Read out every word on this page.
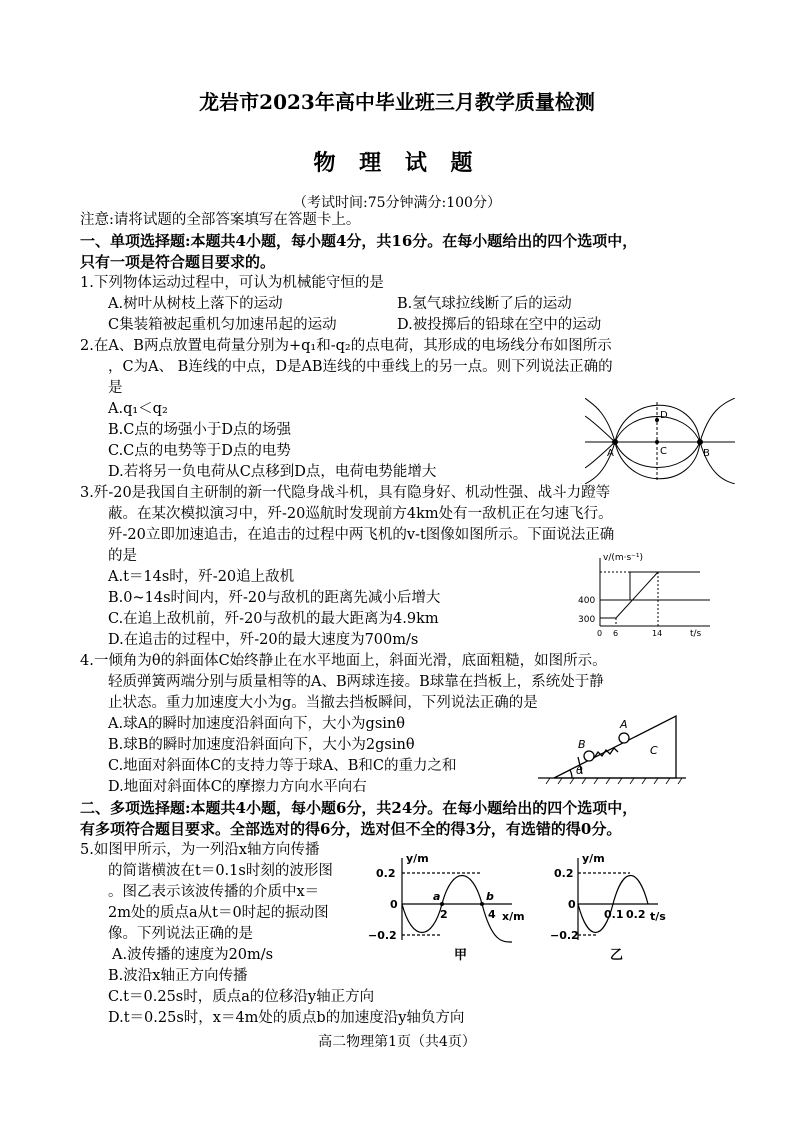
龙岩市2023年高中毕业班三月教学质量检测
物 理 试 题
（考试时间:75分钟满分:100分）
注意:请将试题的全部答案填写在答题卡上。
一、单项选择题:本题共4小题，每小题4分，共16分。在每小题给出的四个选项中，
只有一项是符合题目要求的。
1.下列物体运动过程中，可认为机械能守恒的是
A.树叶从树枝上落下的运动	B.氢气球拉线断了后的运动
C集装箱被起重机匀加速吊起的运动	D.被投掷后的铅球在空中的运动
2.在A、B两点放置电荷量分别为+q₁和-q₂的点电荷，其形成的电场线分布如图所示
，C为A、 B连线的中点，D是AB连线的中垂线上的另一点。则下列说法正确的
是
A.q₁＜q₂
B.C点的场强小于D点的场强
C.C点的电势等于D点的电势
D.若将另一负电荷从C点移到D点，电荷电势能增大
A	B
C
D
3.歼-20是我国自主研制的新一代隐身战斗机，具有隐身好、机动性强、战斗力蹬等
蔽。在某次模拟演习中，歼-20巡航时发现前方4km处有一敌机正在匀速飞行。
歼-20立即加速追击，在追击的过程中两飞机的v-t图像如图所示。下面说法正确
的是
A.t＝14s时，歼-20追上敌机
B.0~14s时间内，歼-20与敌机的距离先减小后增大
C.在追上敌机前，歼-20与敌机的最大距离为4.9km
D.在追击的过程中，歼-20的最大速度为700m/s
v/(m·s⁻¹)
t/s
400
300
0 6	14
4.一倾角为θ的斜面体C始终静止在水平地面上，斜面光滑，底面粗糙，如图所示。
轻质弹簧两端分别与质量相等的A、B两球连接。B球靠在挡板上，系统处于静
止状态。重力加速度大小为g。当撤去挡板瞬间，下列说法正确的是
A.球A的瞬时加速度沿斜面向下，大小为gsinθ
B.球B的瞬时加速度沿斜面向下，大小为2gsinθ
C.地面对斜面体C的支持力等于球A、B和C的重力之和
D.地面对斜面体C的摩擦力方向水平向右
B
A
C
θ
二、多项选择题:本题共4小题，每小题6分，共24分。在每小题给出的四个选项中，
有多项符合题目要求。全部选对的得6分，选对但不全的得3分，有选错的得0分。
5.如图甲所示，为一列沿x轴方向传播
的简谐横波在t＝0.1s时刻的波形图
。图乙表示该波传播的介质中x＝
2m处的质点a从t＝0时起的振动图
像。下列说法正确的是
A.波传播的速度为20m/s
B.波沿x轴正方向传播
C.t＝0.25s时，质点a的位移沿y轴正方向
D.t＝0.25s时，x＝4m处的质点b的加速度沿y轴负方向
y/m
x/m
0.2
−0.2
0
2	4
a	b
甲
y/m
t/s
0.2
−0.2
0
0.1 0.2
乙
高二物理第1页（共4页）
